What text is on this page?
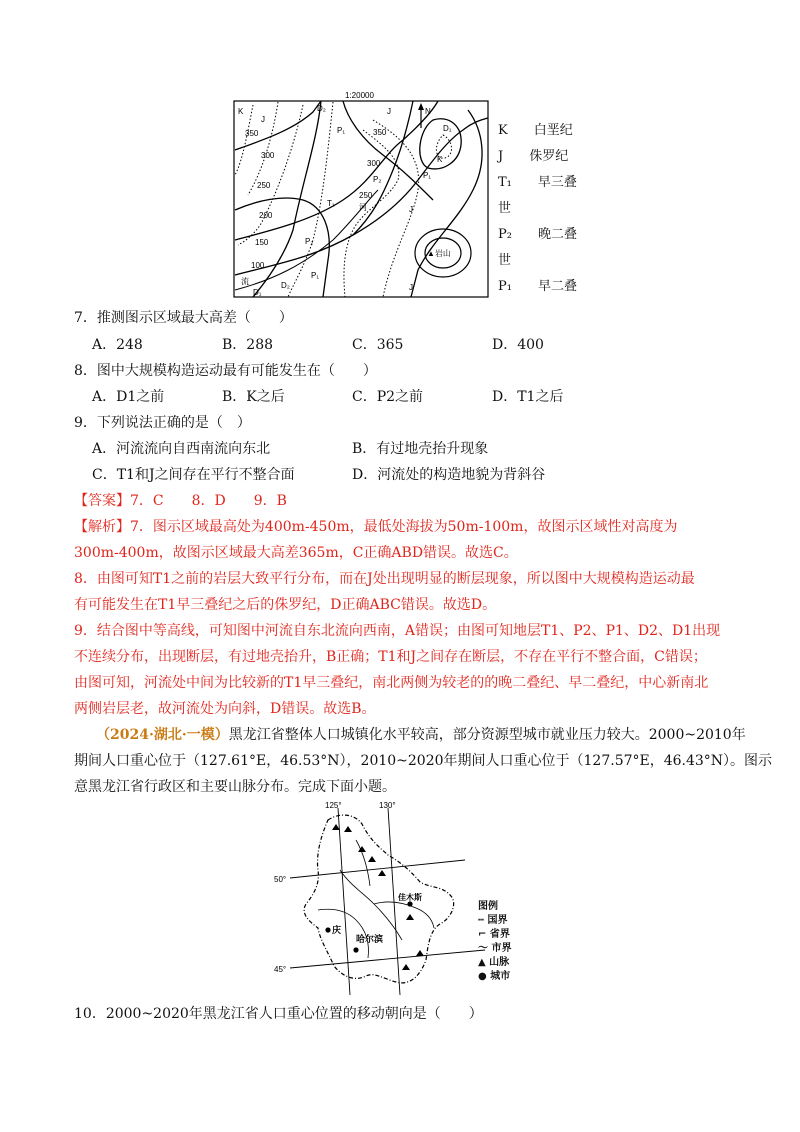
1:20000
K	D₂	J	N
350
J
P₁	350	D₁
300
300	K
250
P₂	P₁
T₁
250
河	J
200
150	P₂
▲岩山
100
P₁
D₂	J
流
D₁
K　　白垩纪
J　　侏罗纪
T₁　　早三叠
世
P₂　　晚二叠
世
P₁　　早二叠
7．推测图示区域最大高差（　　）
A．248	B．288	C．365	D．400
8．图中大规模构造运动最有可能发生在（　　）
A．D1之前	B．K之后	C．P2之前	D．T1之后
9．下列说法正确的是（　）
A．河流流向自西南流向东北	B．有过地壳抬升现象
C．T1和J之间存在平行不整合面	D．河流处的构造地貌为背斜谷
【答案】7．C　　8．D　　9．B
【解析】7．图示区域最高处为400m-450m，最低处海拔为50m-100m，故图示区域性对高度为
300m-400m，故图示区域最大高差365m，C正确ABD错误。故选C。
8．由图可知T1之前的岩层大致平行分布，而在J处出现明显的断层现象，所以图中大规模构造运动最
有可能发生在T1早三叠纪之后的侏罗纪，D正确ABC错误。故选D。
9．结合图中等高线，可知图中河流自东北流向西南，A错误；由图可知地层T1、P2、P1、D2、D1出现
不连续分布，出现断层，有过地壳抬升，B正确；T1和J之间存在断层，不存在平行不整合面，C错误；
由图可知，河流处中间为比较新的T1早三叠纪，南北两侧为较老的的晚二叠纪、早二叠纪，中心新南北
两侧岩层老，故河流处为向斜，D错误。故选B。
（2024·湖北·一模）黑龙江省整体人口城镇化水平较高，部分资源型城市就业压力较大。2000~2010年
期间人口重心位于（127.61°E，46.53°N），2010~2020年期间人口重心位于（127.57°E，46.43°N）。图示
意黑龙江省行政区和主要山脉分布。完成下面小题。
125°	130°
50°
45°
庆
哈尔滨
佳木斯
图例
┅ 国界
⌐ 省界
～ 市界
▲ 山脉
● 城市
10．2000~2020年黑龙江省人口重心位置的移动朝向是（　　）
